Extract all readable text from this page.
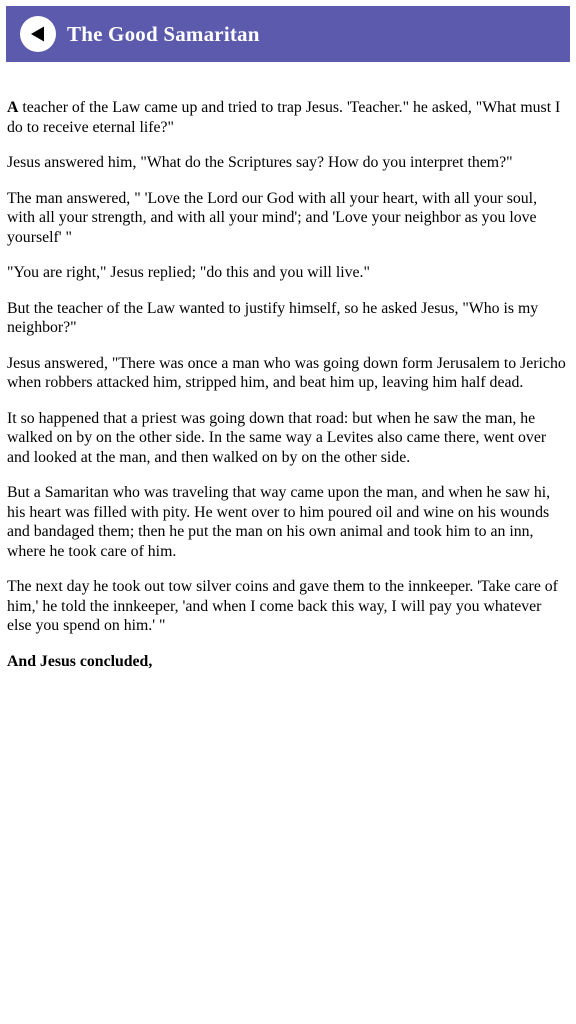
The Good Samaritan

A teacher of the Law came up and tried to trap Jesus. 'Teacher." he asked, "What must I do to receive eternal life?"

Jesus answered him, "What do the Scriptures say? How do you interpret them?"

The man answered, " 'Love the Lord our God with all your heart, with all your soul, with all your strength, and with all your mind'; and 'Love your neighbor as you love yourself' "

"You are right," Jesus replied; "do this and you will live."

But the teacher of the Law wanted to justify himself, so he asked Jesus, "Who is my neighbor?"

Jesus answered, "There was once a man who was going down form Jerusalem to Jericho when robbers attacked him, stripped him, and beat him up, leaving him half dead.

It so happened that a priest was going down that road: but when he saw the man, he walked on by on the other side. In the same way a Levites also came there, went over and looked at the man, and then walked on by on the other side.

But a Samaritan who was traveling that way came upon the man, and when he saw hi, his heart was filled with pity. He went over to him poured oil and wine on his wounds and bandaged them; then he put the man on his own animal and took him to an inn, where he took care of him.

The next day he took out tow silver coins and gave them to the innkeeper. 'Take care of him,' he told the innkeeper, 'and when I come back this way, I will pay you whatever else you spend on him.' "

And Jesus concluded,
